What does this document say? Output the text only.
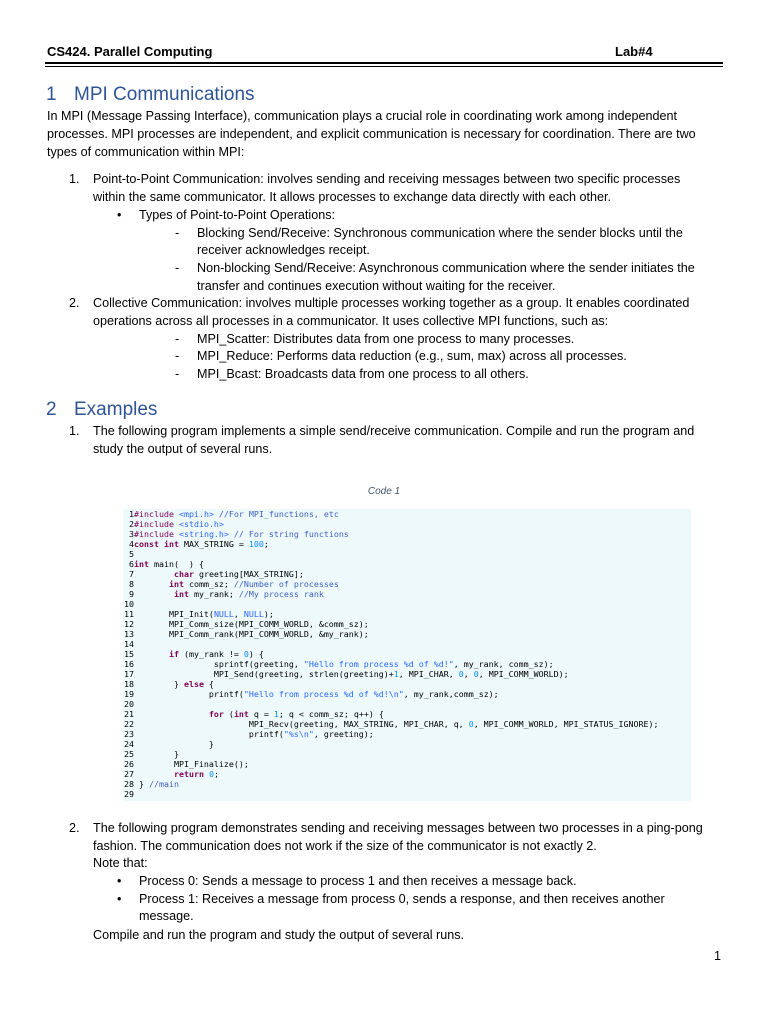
CS424. Parallel Computing	Lab#4
1 MPI Communications
In MPI (Message Passing Interface), communication plays a crucial role in coordinating work among independent
processes. MPI processes are independent, and explicit communication is necessary for coordination. There are two
types of communication within MPI:
1. Point-to-Point Communication: involves sending and receiving messages between two specific processes
within the same communicator. It allows processes to exchange data directly with each other.
• Types of Point-to-Point Operations:
- Blocking Send/Receive: Synchronous communication where the sender blocks until the
receiver acknowledges receipt.
- Non-blocking Send/Receive: Asynchronous communication where the sender initiates the
transfer and continues execution without waiting for the receiver.
2. Collective Communication: involves multiple processes working together as a group. It enables coordinated
operations across all processes in a communicator. It uses collective MPI functions, such as:
- MPI_Scatter: Distributes data from one process to many processes.
- MPI_Reduce: Performs data reduction (e.g., sum, max) across all processes.
- MPI_Bcast: Broadcasts data from one process to all others.
2 Examples
1. The following program implements a simple send/receive communication. Compile and run the program and
study the output of several runs.
Code 1
1#include <mpi.h> //For MPI_functions, etc
2#include <stdio.h>
3#include <string.h> // For string functions
4const int MAX_STRING = 100;
5
6int main(  ) {
7	char greeting[MAX_STRING];
8	int comm_sz; //Number of processes
9	int my_rank; //My process rank
10
11       MPI_Init(NULL, NULL);
12       MPI_Comm_size(MPI_COMM_WORLD, &comm_sz);
13       MPI_Comm_rank(MPI_COMM_WORLD, &my_rank);
14
15	if (my_rank != 0) {
16                sprintf(greeting, "Hello from process %d of %d!", my_rank, comm_sz);
17                MPI_Send(greeting, strlen(greeting)+1, MPI_CHAR, 0, 0, MPI_COMM_WORLD);
18        } else {
19               printf("Hello from process %d of %d!\n", my_rank,comm_sz);
20
21	for (int q = 1; q < comm_sz; q++) {
22                       MPI_Recv(greeting, MAX_STRING, MPI_CHAR, q, 0, MPI_COMM_WORLD, MPI_STATUS_IGNORE);
23                       printf("%s\n", greeting);
24               }
25        }
26        MPI_Finalize();
27	return 0;
28 } //main
29
2. The following program demonstrates sending and receiving messages between two processes in a ping-pong
fashion. The communication does not work if the size of the communicator is not exactly 2.
Note that:
• Process 0: Sends a message to process 1 and then receives a message back.
• Process 1: Receives a message from process 0, sends a response, and then receives another
message.
Compile and run the program and study the output of several runs.
1
